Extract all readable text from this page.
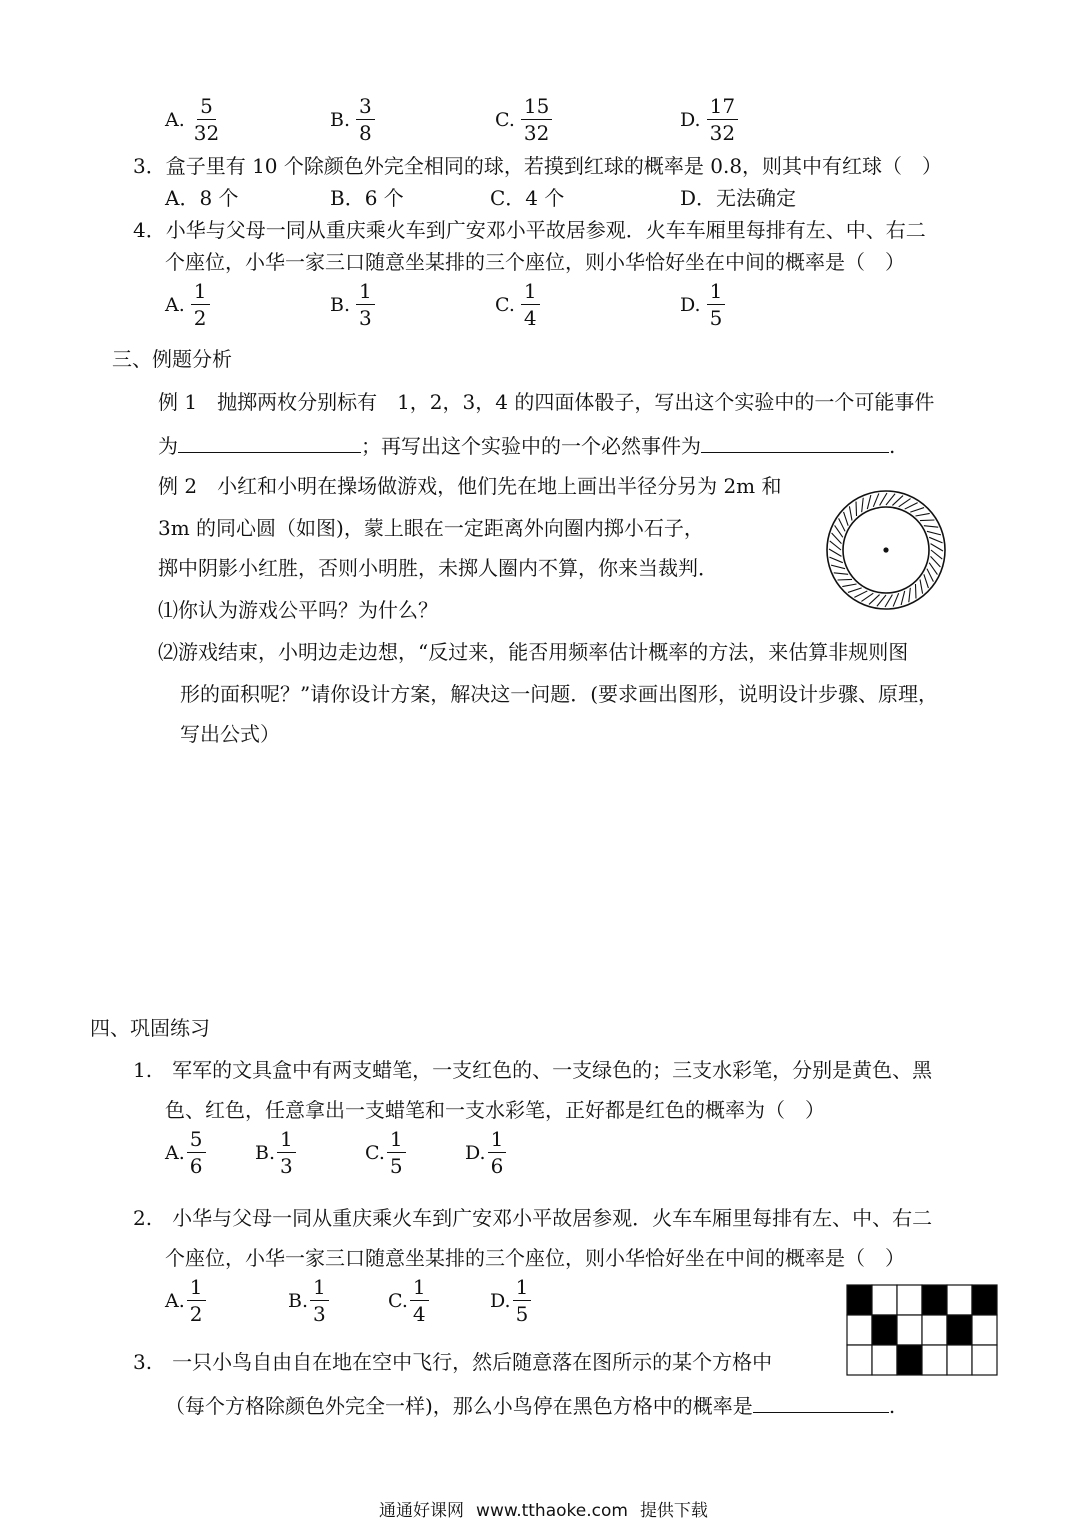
A. $\frac{5}{32}$	B. $\frac{3}{8}$	C. $\frac{15}{32}$	D. $\frac{17}{32}$
3．盒子里有 10 个除颜色外完全相同的球，若摸到红球的概率是 0.8，则其中有红球（　）
A．8 个	B．6 个	C．4 个	D．无法确定
4．小华与父母一同从重庆乘火车到广安邓小平故居参观．火车车厢里每排有左、中、右二
个座位，小华一家三口随意坐某排的三个座位，则小华恰好坐在中间的概率是（　）
A. $\frac{1}{2}$	B. $\frac{1}{3}$	C. $\frac{1}{4}$	D. $\frac{1}{5}$
三、例题分析
例 1　抛掷两枚分别标有　1，2，3，4 的四面体骰子，写出这个实验中的一个可能事件
为	；再写出这个实验中的一个必然事件为	.
例 2　小红和小明在操场做游戏，他们先在地上画出半径分另为 2m 和
3m 的同心圆（如图)，蒙上眼在一定距离外向圈内掷小石子，
掷中阴影小红胜，否则小明胜，未掷人圈内不算，你来当裁判．
⑴你认为游戏公平吗？为什么？
⑵游戏结束，小明边走边想，“反过来，能否用频率估计概率的方法，来估算非规则图
形的面积呢？”请你设计方案，解决这一问题．(要求画出图形，说明设计步骤、原理，
写出公式）
四、巩固练习
1.　军军的文具盒中有两支蜡笔，一支红色的、一支绿色的；三支水彩笔，分别是黄色、黑
色、红色，任意拿出一支蜡笔和一支水彩笔，正好都是红色的概率为（　）
A. $\frac{5}{6}$	B. $\frac{1}{3}$	C. $\frac{1}{5}$	D. $\frac{1}{6}$
2.　小华与父母一同从重庆乘火车到广安邓小平故居参观．火车车厢里每排有左、中、右二
个座位，小华一家三口随意坐某排的三个座位，则小华恰好坐在中间的概率是（　）
A. $\frac{1}{2}$	B. $\frac{1}{3}$	C. $\frac{1}{4}$	D. $\frac{1}{5}$
3.　一只小鸟自由自在地在空中飞行，然后随意落在图所示的某个方格中
（每个方格除颜色外完全一样)，那么小鸟停在黑色方格中的概率是	.
通通好课网 www.tthaoke.com 提供下载
